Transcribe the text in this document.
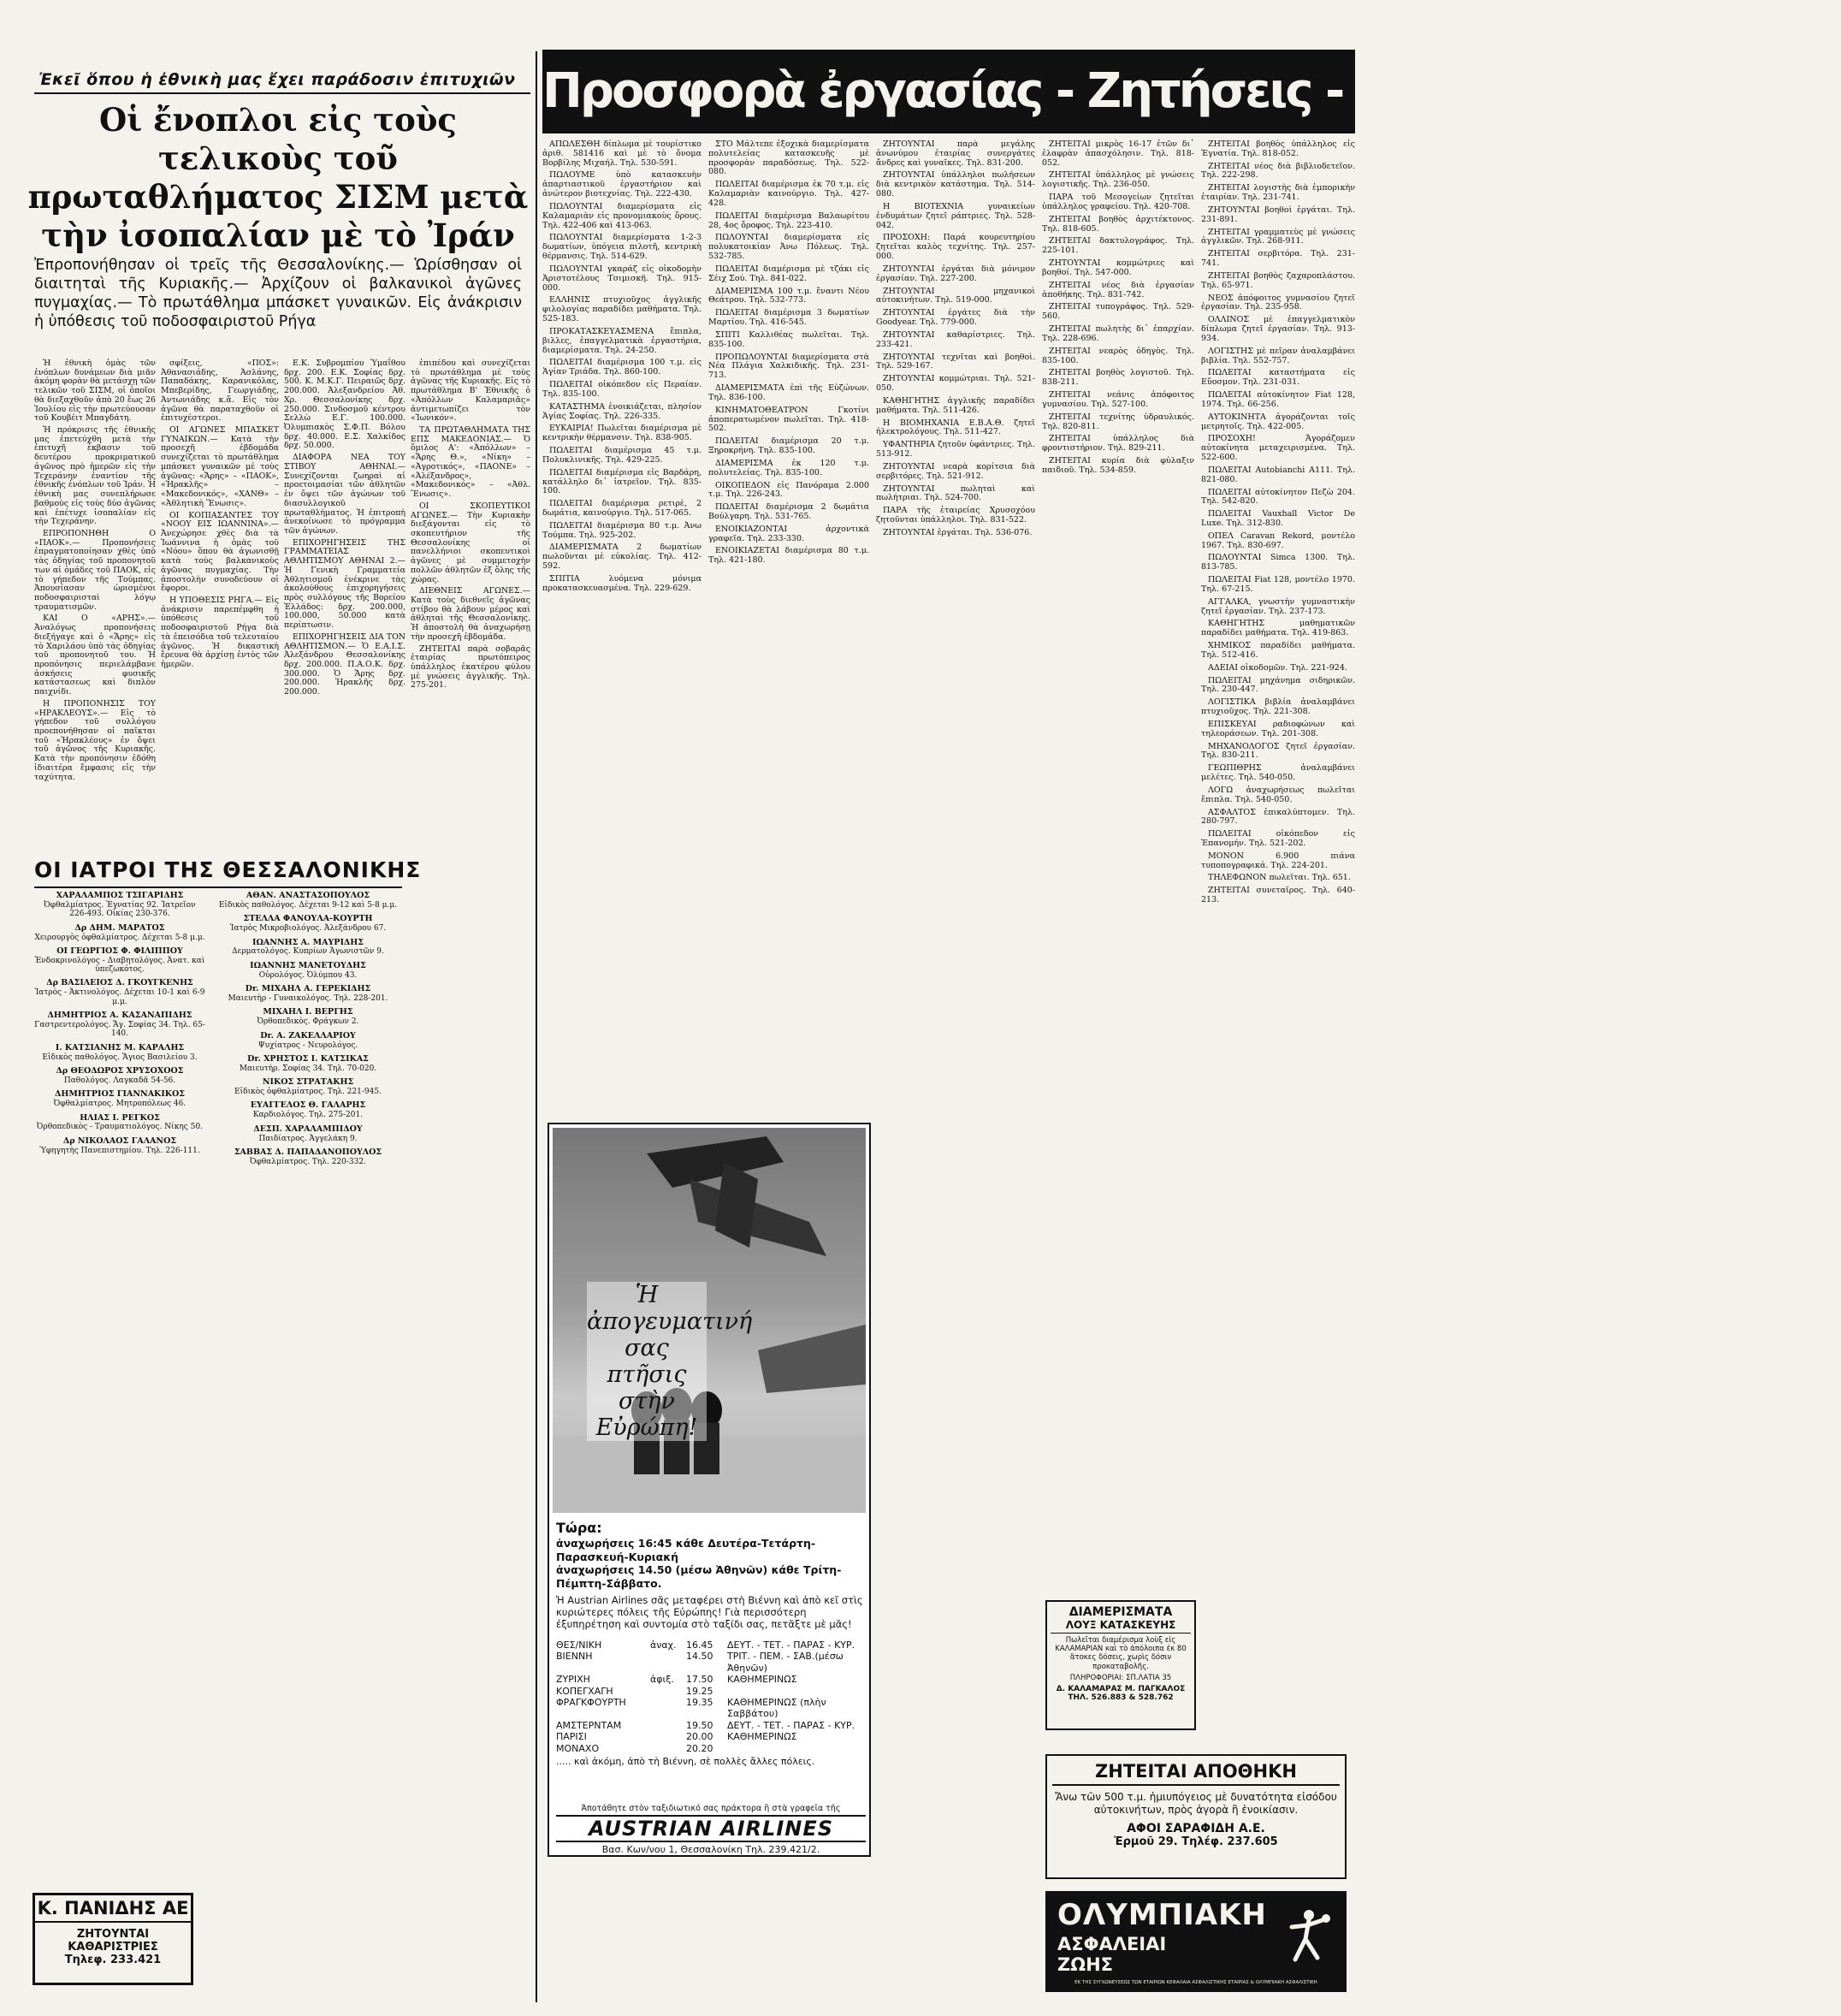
Ἐκεῖ ὅπου ἡ ἐθνικὴ μας ἔχει παράδοσιν ἐπιτυχιῶν
Οἱ ἔνοπλοι εἰς τοὺς τελικοὺς τοῦ πρωταθλήματος ΣΙΣΜ μετὰ τὴν ἰσοπαλίαν μὲ τὸ Ἰράν
Ἐπροπονήθησαν οἱ τρεῖς τῆς Θεσσαλονίκης.— Ὡρίσθησαν οἱ διαιτηταὶ τῆς Κυριακῆς.— Ἀρχίζουν οἱ βαλκανικοὶ ἀγῶνες πυγμαχίας.— Τὸ πρωτάθλημα μπάσκετ γυναικῶν. Εἰς ἀνάκρισιν ἡ ὑπόθεσις τοῦ ποδοσφαιριστοῦ Ρήγα

Ἡ ἐθνικὴ ὁμὰς τῶν ἐνόπλων δυνάμεων διὰ μιᾶν ἀκόμη φορὰν θὰ μετάσχῃ τῶν τελικῶν τοῦ ΣΙΣΜ, οἱ ὁποῖοι θὰ διεξαχθοῦν ἀπὸ 20 ἕως 26 Ἰουλίου εἰς τὴν πρωτεύουσαν τοῦ Κουβέιτ Μπαγδάτη.

Ἡ πρόκρισις τῆς ἐθνικῆς μας ἐπετεύχθη μετὰ τὴν ἐπιτυχῆ ἐκβασιν τοῦ δευτέρου προκριματικοῦ ἀγῶνος πρὸ ἡμερῶν εἰς τὴν Τεχεράνην ἐναντίον τῆς ἐθνικῆς ἐνόπλων τοῦ Ἰράν. Ἡ ἐθνικὴ μας συνεπλήρωσε βαθμοὺς εἰς τοὺς δύο ἀγῶνας καὶ ἐπέτυχε ἰσοπαλίαν εἰς τὴν Τεχεράνην.

ΕΠΡΟΠΟΝΗΘΗ Ο «ΠΑΟΚ».— Προπονήσεις ἐπραγματοποίησαν χθὲς ὑπὸ τὰς ὁδηγίας τοῦ προπονητοῦ των αἱ ὁμάδες τοῦ ΠΑΟΚ, εἰς τὸ γήπεδον τῆς Τούμπας. Ἀπουσίασαν ὡρισμένοι ποδοσφαιρισταὶ λόγῳ τραυματισμῶν.

ΚΑΙ Ο «ΑΡΗΣ».— Ἀναλόγως προπονήσεις διεξήγαγε καὶ ὁ «Ἄρης» εἰς τὸ Χαριλάου ὑπὸ τὰς ὁδηγίας τοῦ προπονητοῦ του. Ἡ προπόνησις περιελάμβανε ἀσκήσεις φυσικῆς κατάστασεως καὶ διπλὸν παιχνίδι.

Η ΠΡΟΠΟΝΗΣΙΣ ΤΟΥ «ΗΡΑΚΛΕΟΥΣ».— Εἰς τὸ γήπεδον τοῦ συλλόγου προεπονήθησαν οἱ παῖκται τοῦ «Ἡρακλέους» ἐν ὄψει τοῦ ἀγῶνος τῆς Κυριακῆς. Κατὰ τὴν προπόνησιν ἐδόθη ἰδιαιτέρα ἔμφασις εἰς τὴν ταχύτητα.

σφίξεις, «ΠΟΣ»: Ἀθανασιάδης, Ἀσλάνης, Παπαδάκης, Καρανικόλας, Μπεβερίδης, Γεωργιάδης, Ἀντωνιάδης κ.ἄ. Εἰς τὸν ἀγῶνα θὰ παραταχθοῦν οἱ ἐπιτυχέστεροι.

ΟΙ ΑΓΩΝΕΣ ΜΠΑΣΚΕΤ ΓΥΝΑΙΚΩΝ.— Κατὰ τὴν προσεχῆ ἑβδομάδα συνεχίζεται τὸ πρωτάθλημα μπάσκετ γυναικῶν μὲ τοὺς ἀγῶνας: «Ἄρης» – «ΠΑΟΚ», «Ἡρακλῆς» – «Μακεδονικός», «ΧΑΝΘ» – «Ἀθλητικὴ Ἕνωσις».

ΟΙ ΚΟΠΙΑΣΑΝΤΕΣ ΤΟΥ «ΝΟΟΥ ΕΙΣ ΙΩΑΝΝΙΝΑ».— Ἀνεχώρησε χθὲς διὰ τὰ Ἰωάννινα ἡ ὁμὰς τοῦ «Νόου» ὅπου θὰ ἀγωνισθῇ κατὰ τοὺς βαλκανικοὺς ἀγῶνας πυγμαχίας. Τὴν ἀποστολὴν συνοδεύουν οἱ ἔφοροι.

Η ΥΠΟΘΕΣΙΣ ΡΗΓΑ.— Εἰς ἀνάκρισιν παρεπέμφθη ἡ ὑπόθεσις τοῦ ποδοσφαιριστοῦ Ρήγα διὰ τὰ ἐπεισόδια τοῦ τελευταίου ἀγῶνος. Ἡ δικαστικὴ ἔρευνα θὰ ἀρχίσῃ ἐντὸς τῶν ἡμερῶν.

Ε.Κ. Συβρομπίου Ὑμαΐθου δρχ. 200. Ε.Κ. Σοφίας δρχ. 500. Κ. Μ.Κ.Γ. Πειραιῶς δρχ. 200.000. Ἀλεξανδρείου Ἀθ. Χρ. Θεσσαλονίκης δρχ. 250.000. Σινδοσμοῦ κέντρου Σελλὼ Ε.Γ. 100.000. Ὀλυμπιακὸς Σ.Φ.Π. Βόλου δρχ. 40.000. Ε.Σ. Χαλκίδος δρχ. 50.000.

ΔΙΑΦΟΡΑ ΝΕΑ ΤΟΥ ΣΤΙΒΟΥ ΑΘΗΝΑΙ.— Συνεχίζονται ζωηραὶ αἱ προετοιμασίαι τῶν ἀθλητῶν ἐν ὄψει τῶν ἀγώνων τοῦ διασυλλογικοῦ πρωταθλήματος. Ἡ ἐπιτροπὴ ἀνεκοίνωσε τὸ πρόγραμμα τῶν ἀγώνων.

ΕΠΙΧΟΡΗΓΗΣΕΙΣ ΤΗΣ ΓΡΑΜΜΑΤΕΙΑΣ ΑΘΛΗΤΙΣΜΟΥ ΑΘΗΝΑΙ 2.— Ἡ Γενικὴ Γραμματεία Ἀθλητισμοῦ ἐνέκρινε τὰς ἀκολούθους ἐπιχορηγήσεις πρὸς συλλόγους τῆς Βορείου Ἑλλάδος: δρχ. 200.000, 100.000, 50.000 κατὰ περίπτωσιν.

ΕΠΙΧΟΡΗΓΗΣΕΙΣ ΔΙΑ ΤΟΝ ΑΘΛΗΤΙΣΜΟΝ.— Ὁ Ε.Α.Ι.Σ. Ἀλεξάνδρου Θεσσαλονίκης δρχ. 200.000. Π.Α.Ο.Κ. δρχ. 300.000. Ὁ Ἄρης δρχ. 200.000. Ἡρακλῆς δρχ. 200.000.

ἐπιπέδου καὶ συνεχίζεται τὸ πρωτάθλημα μὲ τοὺς ἀγῶνας τῆς Κυριακῆς. Εἰς τὸ πρωτάθλημα Β' Ἐθνικῆς ὁ «Ἀπόλλων Καλαμαριᾶς» ἀντιμετωπίζει τὸν «Ἰωνικόν».

ΤΑ ΠΡΩΤΑΘΛΗΜΑΤΑ ΤΗΣ ΕΠΣ ΜΑΚΕΔΟΝΙΑΣ.— Ὁ ὅμιλος Α': «Ἀπόλλων» – «Ἄρης Θ.», «Νίκη» – «Ἀγροτικός», «ΠΑΟΝΕ» – «Ἀλέξανδρος», «Μακεδονικός» – «Ἀθλ. Ἕνωσις».

ΟΙ ΣΚΟΠΕΥΤΙΚΟΙ ΑΓΩΝΕΣ.— Τὴν Κυριακὴν διεξάγονται εἰς τὸ σκοπευτήριον τῆς Θεσσαλονίκης οἱ πανελλήνιοι σκοπευτικοὶ ἀγῶνες μὲ συμμετοχὴν πολλῶν ἀθλητῶν ἐξ ὅλης τῆς χώρας.

ΔΙΕΘΝΕΙΣ ΑΓΩΝΕΣ.— Κατὰ τοὺς διεθνεῖς ἀγῶνας στίβου θὰ λάβουν μέρος καὶ ἀθληταὶ τῆς Θεσσαλονίκης. Ἡ ἀποστολὴ θὰ ἀναχωρήσῃ τὴν προσεχῆ ἑβδομάδα.

ΖΗΤΕΙΤΑΙ παρὰ σοβαρᾶς ἑταιρίας πρωτόπειρος ὑπάλληλος ἐκατέρου φύλου μὲ γνώσεις ἀγγλικῆς. Τηλ. 275-201.

ΟΙ ΙΑΤΡΟΙ ΤΗΣ ΘΕΣΣΑΛΟΝΙΚΗΣ
ΧΑΡΑΛΑΜΠΟΣ ΤΣΙΓΑΡΙΔΗΣ
Ὀφθαλμίατρος. Ἐγνατίας 92. Ἰατρεῖον 226-493. Οἰκίας 230-376.
Δρ ΔΗΜ. ΜΑΡΑΤΟΣ
Χειρουργὸς ὀφθαλμίατρος. Δέχεται 5-8 μ.μ.
ΟΙ ΓΕΩΡΓΙΟΣ Φ. ΦΙΛΙΠΠΟΥ
Ἐνδοκρινολόγος - Διαβητολόγος. Ἀνατ. καὶ ὑπεζωκότος.
Δρ ΒΑΣΙΛΕΙΟΣ Δ. ΓΚΟΥΓΚΕΝΗΣ
Ἰατρὸς - Ἀκτινολόγος. Δέχεται 10-1 καὶ 6-9 μ.μ.
ΔΗΜΗΤΡΙΟΣ Α. ΚΑΣΑΝΑΠΙΔΗΣ
Γαστρεντερολόγος. Ἄγ. Σοφίας 34. Τηλ. 65-140.
Ι. ΚΑΤΣΙΑΝΗΣ Μ. ΚΑΡΑΛΗΣ
Εἰδικὸς παθολόγος. Ἅγιος Βασιλείου 3.
Δρ ΘΕΟΔΩΡΟΣ ΧΡΥΣΟΧΟΟΣ
Παθολόγος. Λαγκαδᾶ 54-56.
ΔΗΜΗΤΡΙΟΣ ΓΙΑΝΝΑΚΙΚΟΣ
Ὀφθαλμίατρος. Μητροπόλεως 46.
ΗΛΙΑΣ Ι. ΡΕΓΚΟΣ
Ὀρθοπεδικὸς - Τραυματιολόγος. Νίκης 50.
Δρ ΝΙΚΟΛΑΟΣ ΓΑΛΑΝΟΣ
Ὑφηγητὴς Πανεπιστημίου. Τηλ. 226-111.
ΑΘΑΝ. ΑΝΑΣΤΑΣΟΠΟΥΛΟΣ
Εἰδικὸς παθολόγος. Δέχεται 9-12 καὶ 5-8 μ.μ.
ΣΤΕΛΛΑ ΦΑΝΟΥΛΑ-ΚΟΥΡΤΗ
Ἰατρὸς Μικροβιολόγος. Ἀλεξάνδρου 67.
ΙΩΑΝΝΗΣ Α. ΜΑΥΡΙΔΗΣ
Δερματολόγος. Κυπρίων Ἀγωνιστῶν 9.
ΙΩΑΝΝΗΣ ΜΑΝΕΤΟΥΔΗΣ
Οὐρολόγος. Ὀλύμπου 43.
Dr. ΜΙΧΑΗΛ Α. ΓΕΡΕΚΙΔΗΣ
Μαιευτὴρ - Γυναικολόγος. Τηλ. 228-201.
ΜΙΧΑΗΛ Ι. ΒΕΡΓΗΣ
Ὀρθοπεδικὸς. Φράγκων 2.
Dr. Α. ΖΑΚΕΛΛΑΡΙΟΥ
Ψυχίατρος - Νευρολόγος.
Dr. ΧΡΗΣΤΟΣ Ι. ΚΑΤΣΙΚΑΣ
Μαιευτὴρ. Σοφίας 34. Τηλ. 70-020.
ΝΙΚΟΣ ΣΤΡΑΤΑΚΗΣ
Εἰδικὸς ὀφθαλμίατρος. Τηλ. 221-945.
ΕΥΑΓΓΕΛΟΣ Θ. ΓΑΛΑΡΗΣ
Καρδιολόγος. Τηλ. 275-201.
ΔΕΣΠ. ΧΑΡΑΛΑΜΠΙΔΟΥ
Παιδίατρος. Ἀγγελάκη 9.
ΣΑΒΒΑΣ Δ. ΠΑΠΑΔΑΝΟΠΟΥΛΟΣ
Ὀφθαλμίατρος. Τηλ. 220-332.
Κ. ΠΑΝΙΔΗΣ ΑΕ
ΖΗΤΟΥΝΤΑΙ
ΚΑΘΑΡΙΣΤΡΙΕΣ
Τηλεφ. 233.421
Προσφορὰ ἐργασίας - Ζητήσεις - Πωλήσεις - Ἀκίνητα

ΑΠΩΛΕΣΘΗ δίπλωμα μὲ τουρίστικο ἀριθ. 581416 καὶ μὲ τὸ ὄνομα Βορβίλης Μιχαήλ. Τηλ. 530-591.

ΠΩΛΟΥΜΕ ὑπὸ κατασκευὴν ἀπαρτιαστικοῦ ἐργαστήριον καὶ ἀνώτερον βιοτεχνίας. Τηλ. 222-430.

ΠΩΛΟΥΝΤΑΙ διαμερίσματα εἰς Καλαμαριὰν εἰς προνομιακοὺς ὅρους. Τηλ. 422-406 καὶ 413-063.

ΠΩΛΟΥΝΤΑΙ διαμερίσματα 1-2-3 δωματίων, ὑπόγεια πιλοτῆ, κεντρικὴ θέρμανσις. Τηλ. 514-629.

ΠΩΛΟΥΝΤΑΙ γκαράζ εἰς οἰκοδομὴν Ἀριστοτέλους Τσιμισκῆ. Τηλ. 915-000.

ΕΛΛΗΝΙΣ πτυχιοῦχος ἀγγλικῆς φιλολογίας παραδίδει μαθήματα. Τηλ. 525-183.

ΠΡΟΚΑΤΑΣΚΕΥΑΣΜΕΝΑ ἔπιπλα, βιλλες, ἐπαγγελματικὰ ἐργαστήρια, διαμερίσματα. Τηλ. 24-250.

ΠΩΛΕΙΤΑΙ διαμέρισμα 100 τ.μ. εἰς Ἁγίαν Τριάδα. Τηλ. 860-100.

ΠΩΛΕΙΤΑΙ οἰκόπεδον εἰς Περαίαν. Τηλ. 835-100.

ΚΑΤΑΣΤΗΜΑ ἐνοικιάζεται, πλησίον Ἀγίας Σοφίας. Τηλ. 226-335.

ΕΥΚΑΙΡΙΑ! Πωλεῖται διαμέρισμα μὲ κεντρικὴν θέρμανσιν. Τηλ. 838-905.

ΠΩΛΕΙΤΑΙ διαμέρισμα 45 τ.μ. Πολυκλινικῆς. Τηλ. 429-225.

ΠΩΛΕΙΤΑΙ διαμέρισμα εἰς Βαρδάρη, κατάλληλο δι᾽ ἰατρεῖον. Τηλ. 835-100.

ΠΩΛΕΙΤΑΙ διαμέρισμα ρετιρὲ, 2 δωμάτια, καινούργιο. Τηλ. 517-065.

ΠΩΛΕΙΤΑΙ διαμέρισμα 80 τ.μ. Ἀνω Τούμπα. Τηλ. 925-202.

ΔΙΑΜΕΡΙΣΜΑΤΑ 2 δωματίων πωλοῦνται μὲ εὐκολίας. Τηλ. 412-592.

ΣΠΙΤΙΑ λυόμενα μόνιμα προκατασκευασμένα. Τηλ. 229-629.

ΣΤΟ Μάλτεπε ἐξοχικὰ διαμερίσματα πολυτελείας κατασκευῆς μὲ προσφορὰν παραδόσεως. Τηλ. 522-080.

ΠΩΛΕΙΤΑΙ διαμέρισμα ἐκ 70 τ.μ. εἰς Καλαμαριὰν καινούργιο. Τηλ. 427-428.

ΠΩΛΕΙΤΑΙ διαμέρισμα Βαλαωρίτου 28, 4ος ὄροφος. Τηλ. 223-410.

ΠΩΛΟΥΝΤΑΙ διαμερίσματα εἰς πολυκατοικίαν Ἀνω Πόλεως. Τηλ. 532-785.

ΠΩΛΕΙΤΑΙ διαμέρισμα μὲ τζάκι εἰς Σέιχ Σού. Τηλ. 841-022.

ΔΙΑΜΕΡΙΣΜΑ 100 τ.μ. ἔναντι Νέου Θεάτρου. Τηλ. 532-773.

ΠΩΛΕΙΤΑΙ διαμέρισμα 3 δωματίων Μαρτίου. Τηλ. 416-545.

ΣΠΙΤΙ Καλλιθέας πωλεῖται. Τηλ. 835-100.

ΠΡΟΠΩΛΟΥΝΤΑΙ διαμερίσματα στὰ Νέα Πλάγια Χαλκιδικῆς. Τηλ. 231-713.

ΔΙΑΜΕΡΙΣΜΑΤΑ ἐπὶ τῆς Εὐζώνων. Τηλ. 836-100.

ΚΙΝΗΜΑΤΟΘΕΑΤΡΟΝ Γκοτίνι ἀποπερατωμένον πωλεῖται. Τηλ. 418-502.

ΠΩΛΕΙΤΑΙ διαμέρισμα 20 τ.μ. Ξηροκρήνη. Τηλ. 835-100.

ΔΙΑΜΕΡΙΣΜΑ ἐκ 120 τ.μ. πολυτελείας. Τηλ. 835-100.

ΟΙΚΟΠΕΔΟΝ εἰς Πανόραμα 2.000 τ.μ. Τηλ. 226-243.

ΠΩΛΕΙΤΑΙ διαμέρισμα 2 δωμάτια Βούλγαρη. Τηλ. 531-765.

ΕΝΟΙΚΙΑΖΟΝΤΑΙ ἀρχοντικὰ γραφεῖα. Τηλ. 233-330.

ΕΝΟΙΚΙΑΖΕΤΑΙ διαμέρισμα 80 τ.μ. Τηλ. 421-180.

ΖΗΤΟΥΝΤΑΙ παρὰ μεγάλης ἀνωνύμου ἑταιρίας συνεργάτες ἄνδρες καὶ γυναῖκες. Τηλ. 831-200.

ΖΗΤΟΥΝΤΑΙ ὑπάλληλοι πωλήσεων διὰ κεντρικὸν κατάστημα. Τηλ. 514-080.

Η ΒΙΟΤΕΧΝΙΑ γυναικείων ἐνδυμάτων ζητεῖ ράπτριες. Τηλ. 528-042.

ΠΡΟΣΟΧΗ: Παρά κουρευτηρίου ζητεῖται καλὸς τεχνίτης. Τηλ. 257-000.

ΖΗΤΟΥΝΤΑΙ ἐργάται διὰ μόνιμον ἐργασίαν. Τηλ. 227-200.

ΖΗΤΟΥΝΤΑΙ μηχανικοὶ αὐτοκινήτων. Τηλ. 519-000.

ΖΗΤΟΥΝΤΑΙ ἐργάτες διὰ τὴν Goodyear. Τηλ. 779-000.

ΖΗΤΟΥΝΤΑΙ καθαρίστριες. Τηλ. 233-421.

ΖΗΤΟΥΝΤΑΙ τεχνῖται καὶ βοηθοὶ. Τηλ. 529-167.

ΖΗΤΟΥΝΤΑΙ κομμώτριαι. Τηλ. 521-050.

ΚΑΘΗΓΗΤΗΣ ἀγγλικῆς παραδίδει μαθήματα. Τηλ. 511-426.

Η ΒΙΟΜΗΧΑΝΙΑ Ε.Β.Α.Θ. ζητεῖ ἠλεκτρολόγους. Τηλ. 511-427.

ΥΦΑΝΤΗΡΙΑ ζητοῦν ὑφάντριες. Τηλ. 513-912.

ΖΗΤΟΥΝΤΑΙ νεαρὰ κορίτσια διὰ σερβιτόρες. Τηλ. 521-912.

ΖΗΤΟΥΝΤΑΙ πωληταὶ καὶ πωλήτριαι. Τηλ. 524-700.

ΠΑΡΑ τῆς ἑταιρείας Χρυσοχόου ζητοῦνται ὑπάλληλοι. Τηλ. 831-522.

ΖΗΤΟΥΝΤΑΙ ἐργάται. Τηλ. 536-076.

ΖΗΤΕΙΤΑΙ μικρὸς 16-17 ἐτῶν δι᾽ ἐλαφρὰν ἀπασχόλησιν. Τηλ. 818-052.

ΖΗΤΕΙΤΑΙ ὑπάλληλος μὲ γνώσεις λογιστικῆς. Τηλ. 236-050.

ΠΑΡΑ τοῦ Μεσογείων ζητεῖται ὑπάλληλος γραφείου. Τηλ. 420-708.

ΖΗΤΕΙΤΑΙ βοηθὸς ἀρχιτέκτονος. Τηλ. 818-605.

ΖΗΤΕΙΤΑΙ δακτυλογράφος. Τηλ. 225-101.

ΖΗΤΟΥΝΤΑΙ κομμώτριες καὶ βοηθοί. Τηλ. 547-000.

ΖΗΤΕΙΤΑΙ νέος διὰ ἐργασίαν ἀποθήκης. Τηλ. 831-742.

ΖΗΤΕΙΤΑΙ τυπογράφος. Τηλ. 529-560.

ΖΗΤΕΙΤΑΙ πωλητὴς δι᾽ ἐπαρχίαν. Τηλ. 228-696.

ΖΗΤΕΙΤΑΙ νεαρὸς ὁδηγὸς. Τηλ. 835-100.

ΖΗΤΕΙΤΑΙ βοηθὸς λογιστοῦ. Τηλ. 838-211.

ΖΗΤΕΙΤΑΙ νεάνις ἀπόφοιτος γυμνασίου. Τηλ. 527-100.

ΖΗΤΕΙΤΑΙ τεχνίτης ὑδραυλικός. Τηλ. 820-811.

ΖΗΤΕΙΤΑΙ ὑπάλληλος διὰ φροντιστήριον. Τηλ. 829-211.

ΖΗΤΕΙΤΑΙ κυρία διὰ φύλαξιν παιδιοῦ. Τηλ. 534-859.

ΖΗΤΕΙΤΑΙ βοηθὸς ὑπάλληλος εἰς Ἐγνατία. Τηλ. 818-052.

ΖΗΤΕΙΤΑΙ νέος διὰ βιβλιοδετεῖον. Τηλ. 222-298.

ΖΗΤΕΙΤΑΙ λογιστὴς διὰ ἐμπορικὴν ἑταιρίαν. Τηλ. 231-741.

ΖΗΤΟΥΝΤΑΙ βοηθοὶ ἐργάται. Τηλ. 231-891.

ΖΗΤΕΙΤΑΙ γραμματεὺς μὲ γνώσεις ἀγγλικῶν. Τηλ. 268-911.

ΖΗΤΕΙΤΑΙ σερβιτόρα. Τηλ. 231-741.

ΖΗΤΕΙΤΑΙ βοηθὸς ζαχαροπλάστου. Τηλ. 65-971.

ΝΕΟΣ ἀπόφοιτος γυμνασίου ζητεῖ ἐργασίαν. Τηλ. 235-958.

ΟΛΛΙΝΟΣ μὲ ἐπαγγελματικὸν δίπλωμα ζητεῖ ἐργασίαν. Τηλ. 913-934.

ΛΟΓΙΣΤΗΣ μὲ πεῖραν ἀναλαμβάνει βιβλία. Τηλ. 552-757.

ΠΩΛΕΙΤΑΙ καταστήματα εἰς Εὔοσμον. Τηλ. 231-031.

ΠΩΛΕΙΤΑΙ αὐτοκίνητον Fiat 128, 1974. Τηλ. 66-256.

ΑΥΤΟΚΙΝΗΤΑ ἀγοράζονται τοῖς μετρητοῖς. Τηλ. 422-005.

ΠΡΟΣΟΧΗ! Ἀγοράζομεν αὐτοκίνητα μεταχειρισμένα. Τηλ. 522-600.

ΠΩΛΕΙΤΑΙ Autobianchi A111. Τηλ. 821-080.

ΠΩΛΕΙΤΑΙ αὐτοκίνητον Πεζὼ 204. Τηλ. 542-820.

ΠΩΛΕΙΤΑΙ Vauxhall Victor De Luxe. Τηλ. 312-830.

ΟΠΕΛ Caravan Rekord, μοντέλο 1967. Τηλ. 830-697.

ΠΩΛΟΥΝΤΑΙ Simca 1300. Τηλ. 813-785.

ΠΩΛΕΙΤΑΙ Fiat 128, μοντέλο 1970. Τηλ. 67-215.

ΑΓΓΑΛΚΑ, γνωστὴν γυμναστικὴν ζητεῖ ἐργασίαν. Τηλ. 237-173.

ΚΑΘΗΓΗΤΗΣ μαθηματικῶν παραδίδει μαθήματα. Τηλ. 419-863.

ΧΗΜΙΚΟΣ παραδίδει μαθήματα. Τηλ. 512-416.

ΑΔΕΙΑΙ οἰκοδομῶν. Τηλ. 221-924.

ΠΩΛΕΙΤΑΙ μηχάνημα σιδηρικῶν. Τηλ. 230-447.

ΛΟΓΙΣΤΙΚΑ βιβλία ἀναλαμβάνει πτυχιοῦχος. Τηλ. 221-308.

ΕΠΙΣΚΕΥΑΙ ραδιοφώνων καὶ τηλεοράσεων. Τηλ. 201-308.

ΜΗΧΑΝΟΛΟΓΟΣ ζητεῖ ἐργασίαν. Τηλ. 830-211.

ΓΕΩΠΙΘΡΗΣ ἀναλαμβάνει μελέτες. Τηλ. 540-050.

ΛΟΓΩ ἀναχωρήσεως πωλεῖται ἔπιπλα. Τηλ. 540-050.

ΑΣΦΑΛΤΟΣ ἐπικαλύπτομεν. Τηλ. 280-797.

ΠΩΛΕΙΤΑΙ οἰκόπεδον εἰς Ἐπανομήν. Τηλ. 521-202.

ΜΟΝΟΝ 6.900 πιάνα τυποπογραφικά. Τηλ. 224-201.

ΤΗΛΕΦΩΝΟΝ πωλεῖται. Τηλ. 651.

ΖΗΤΕΙΤΑΙ συνεταῖρος. Τηλ. 640-213.

Ἡ ἀπογευματινή σας πτῆσις στὴν Εὐρώπη!
Τώρα:
ἀναχωρήσεις 16:45 κάθε Δευτέρα-Τετάρτη-Παρασκευή-Κυριακή
ἀναχωρήσεις 14.50 (μέσω Ἀθηνῶν) κάθε Τρίτη-Πέμπτη-Σάββατο.
Ἡ Austrian Airlines σᾶς μεταφέρει στὴ Βιέννη καὶ ἀπὸ κεῖ στὶς κυριώτερες πόλεις τῆς Εὐρώπης! Γιὰ περισσότερη ἐξυπηρέτηση καὶ συντομία στὸ ταξίδι σας, πετᾶξτε μὲ μᾶς!
ΘΕΣ/ΝΙΚΗ	ἀναχ.	16.45	ΔΕΥΤ. - ΤΕΤ. - ΠΑΡΑΣ - ΚΥΡ.
ΒΙΕΝΝΗ	14.50	ΤΡΙΤ. - ΠΕΜ. - ΣΑΒ.(μέσω Ἀθηνῶν)
ΖΥΡΙΧΗ	ἀφιξ.	17.50	ΚΑΘΗΜΕΡΙΝΩΣ
ΚΟΠΕΓΧΑΓΗ	19.25
ΦΡΑΓΚΦΟΥΡΤΗ	19.35	ΚΑΘΗΜΕΡΙΝΩΣ (πλὴν Σαββάτου)
ΑΜΣΤΕΡΝΤΑΜ	19.50	ΔΕΥΤ. - ΤΕΤ. - ΠΑΡΑΣ - ΚΥΡ.
ΠΑΡΙΣΙ	20.00	ΚΑΘΗΜΕΡΙΝΩΣ
ΜΟΝΑΧΟ	20.20
..... καὶ ἀκόμη, ἀπὸ τὴ Βιέννη, σὲ πολλὲς ἄλλες πόλεις.
Ἀποτάθητε στὸν ταξιδιωτικό σας πράκτορα ἢ στὰ γραφεῖα τῆς
AUSTRIAN AIRLINES
Βασ. Κων/νου 1, Θεσσαλονίκη Τηλ. 239.421/2.
ΔΙΑΜΕΡΙΣΜΑΤΑ
ΛΟΥΞ ΚΑΤΑΣΚΕΥΗΣ
Πωλεῖται διαμέρισμα λοὺξ εἰς ΚΑΛΑΜΑΡΙΑΝ καὶ τὸ ἀπόλοιπα ἐκ 80 ἄτοκες δόσεις, χωρὶς δόσιν προκαταβολῆς.
ΠΛΗΡΟΦΟΡΙΑΙ: ΣΠ.ΛΑΤΙΑ 35
Δ. ΚΑΛΑΜΑΡΑΣ Μ. ΠΑΓΚΑΛΟΣ
ΤΗΛ. 526.883 & 528.762
ΖΗΤΕΙΤΑΙ ΑΠΟΘΗΚΗ
Ἄνω τῶν 500 τ.μ. ἡμιυπόγειος μὲ δυνατότητα εἰσόδου αὐτοκινήτων, πρὸς ἀγορὰ ἢ ἐνοικίασιν.
ΑΦΟΙ ΣΑΡΑΦΙΔΗ Α.Ε.
Ἑρμοῦ 29. Τηλέφ. 237.605
ΟΛΥΜΠΙΑΚΗ
ΑΣΦΑΛΕΙΑΙ
ΖΩΗΣ
ΕΚ ΤΗΣ ΣΥΓΧΩΝΕΥΣΕΩΣ ΤΩΝ ΕΤΑΙΡΙΩΝ ΚΕΦΑΛΑΙΑ ΑΣΦΑΛΙΣΤΙΚΗΣ ΕΤΑΙΡΙΑΣ & ΟΛΥΜΠΙΑΚΗ ΑΣΦΑΛΙΣΤΙΚΗ
